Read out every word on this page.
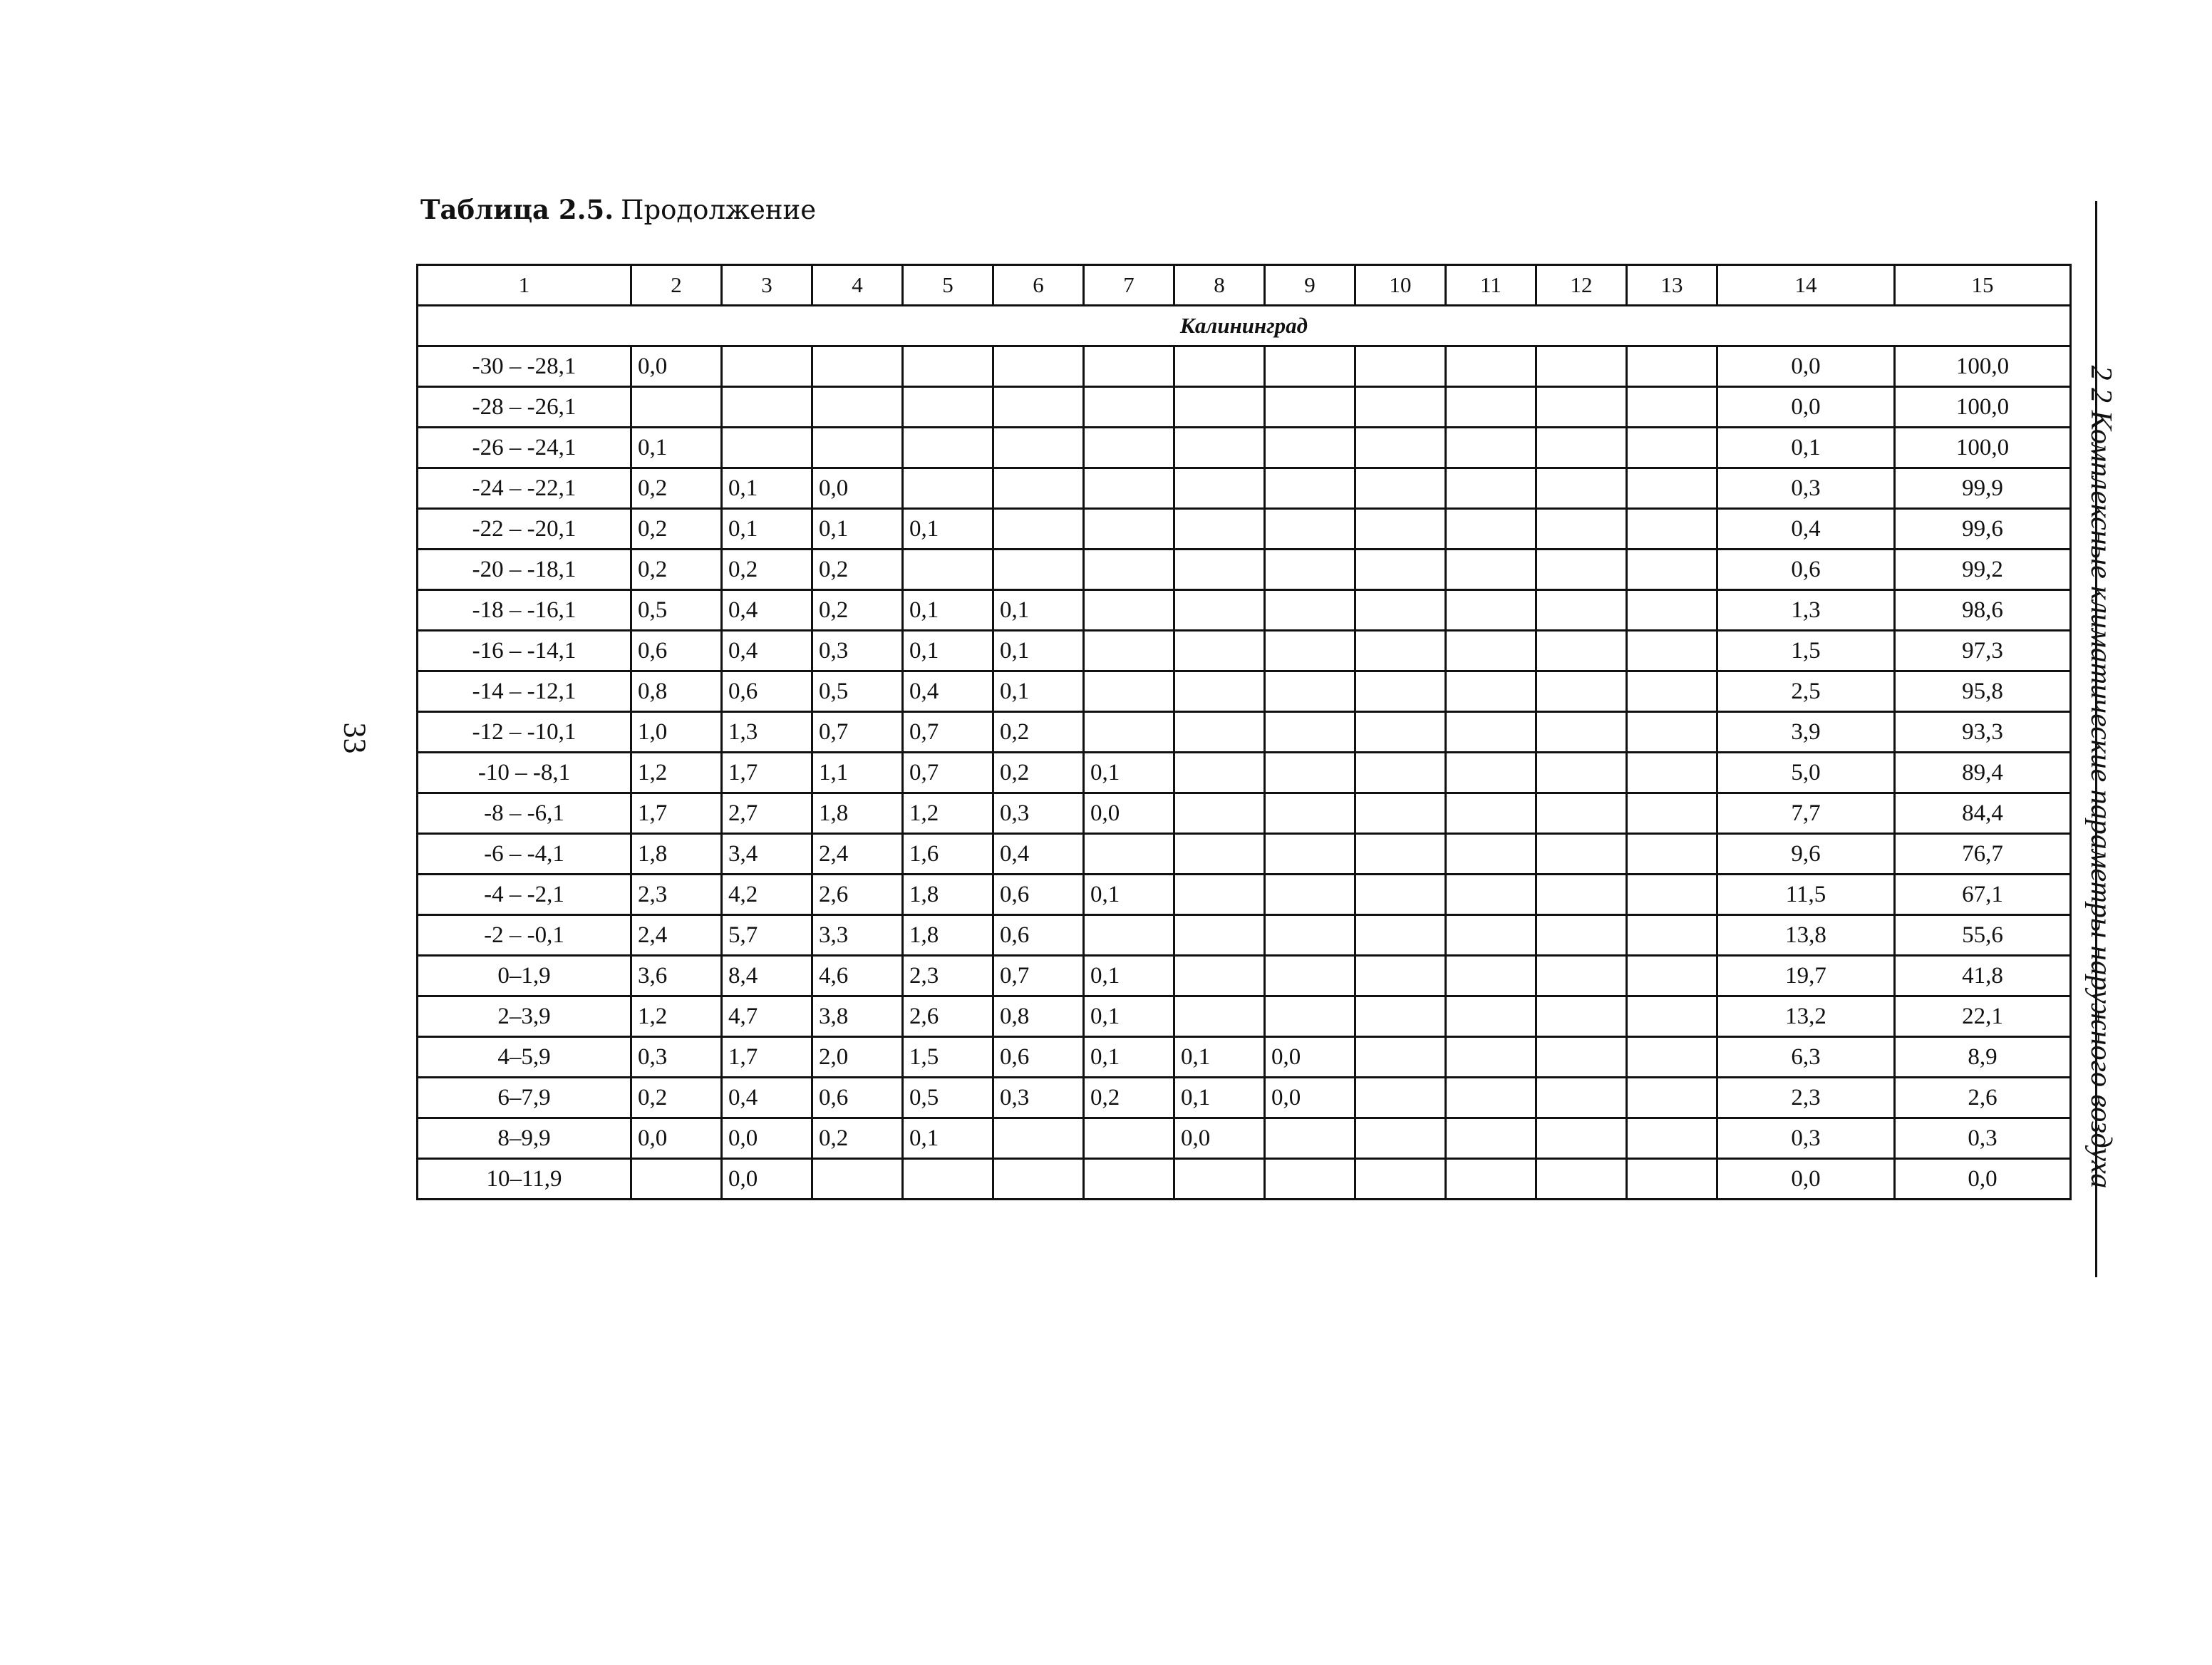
Таблица 2.5. Продолжение
33	2 2 Комплексные климатические параметры наружного воздуха
1	2	3	4	5	6	7	8	9	10	11	12	13	14	15
Калининград														
-30 – -28,1	0,0												0,0	100,0
-28 – -26,1													0,0	100,0
-26 – -24,1	0,1												0,1	100,0
-24 – -22,1	0,2	0,1	0,0										0,3	99,9
-22 – -20,1	0,2	0,1	0,1	0,1									0,4	99,6
-20 – -18,1	0,2	0,2	0,2										0,6	99,2
-18 – -16,1	0,5	0,4	0,2	0,1	0,1								1,3	98,6
-16 – -14,1	0,6	0,4	0,3	0,1	0,1								1,5	97,3
-14 – -12,1	0,8	0,6	0,5	0,4	0,1								2,5	95,8
-12 – -10,1	1,0	1,3	0,7	0,7	0,2								3,9	93,3
-10 – -8,1	1,2	1,7	1,1	0,7	0,2	0,1							5,0	89,4
-8 – -6,1	1,7	2,7	1,8	1,2	0,3	0,0							7,7	84,4
-6 – -4,1	1,8	3,4	2,4	1,6	0,4								9,6	76,7
-4 – -2,1	2,3	4,2	2,6	1,8	0,6	0,1							11,5	67,1
-2 – -0,1	2,4	5,7	3,3	1,8	0,6								13,8	55,6
0–1,9	3,6	8,4	4,6	2,3	0,7	0,1							19,7	41,8
2–3,9	1,2	4,7	3,8	2,6	0,8	0,1							13,2	22,1
4–5,9	0,3	1,7	2,0	1,5	0,6	0,1	0,1	0,0					6,3	8,9
6–7,9	0,2	0,4	0,6	0,5	0,3	0,2	0,1	0,0					2,3	2,6
8–9,9	0,0	0,0	0,2	0,1			0,0						0,3	0,3
10–11,9		0,0											0,0	0,0
